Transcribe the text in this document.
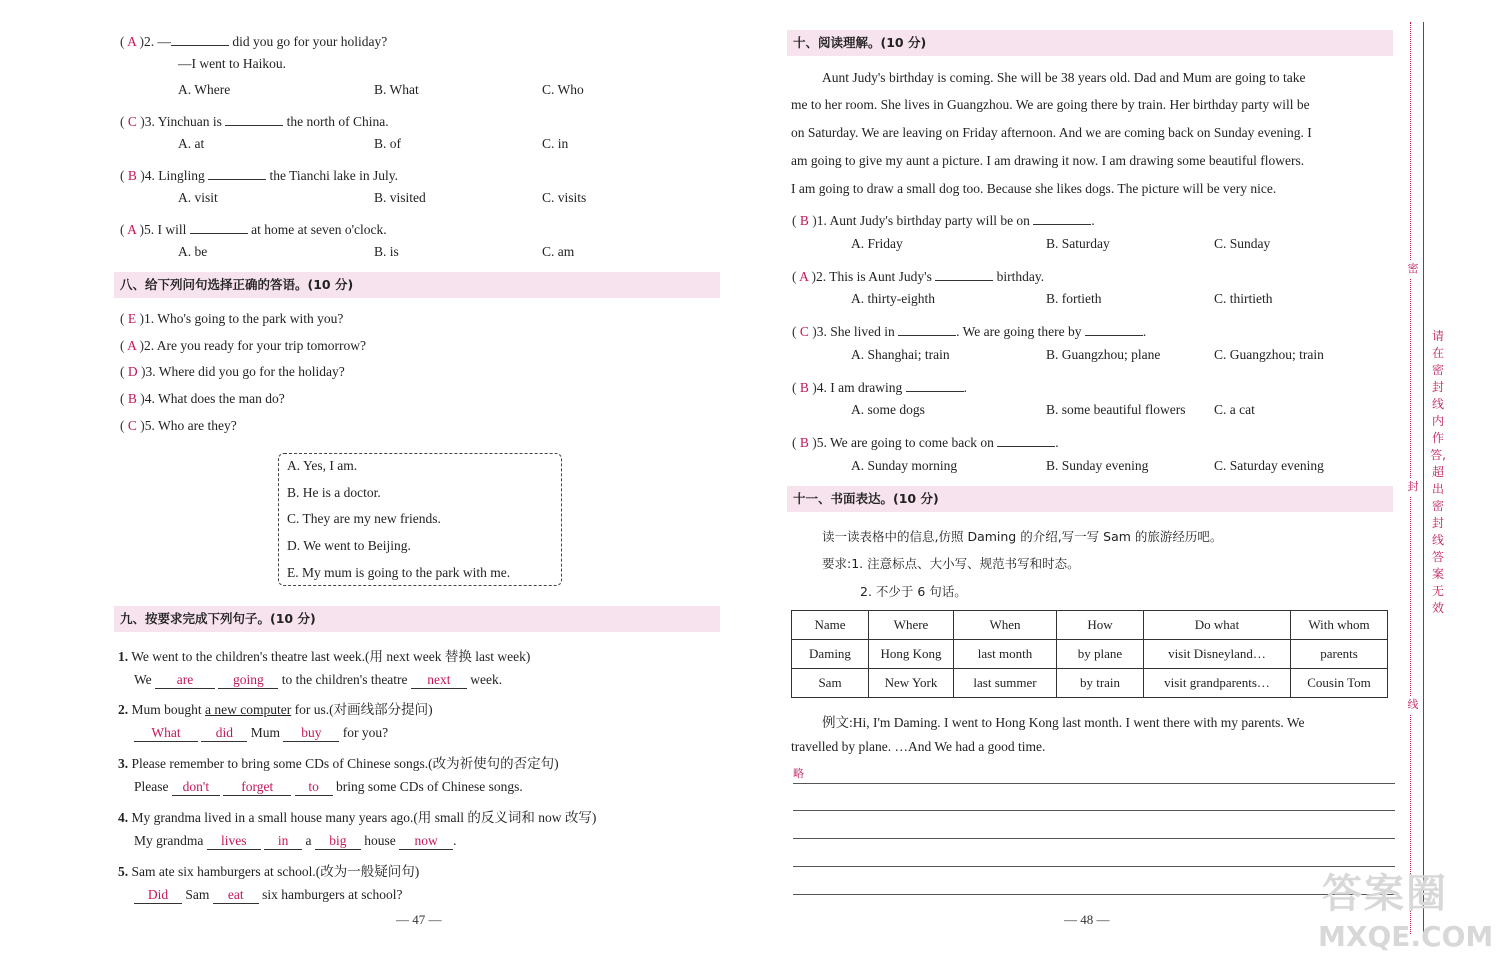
( A )2. —	did you go for your holiday?
—I went to Haikou.
A. Where	B. What	C. Who
( C )3. Yinchuan is	the north of China.
A. at	B. of	C. in
( B )4. Lingling	the Tianchi lake in July.
A. visit	B. visited	C. visits
( A )5. I will	at home at seven o'clock.
A. be	B. is	C. am
八、给下列问句选择正确的答语。(10 分)
( E )1. Who's going to the park with you?
( A )2. Are you ready for your trip tomorrow?
( D )3. Where did you go for the holiday?
( B )4. What does the man do?
( C )5. Who are they?
A. Yes, I am.
B. He is a doctor.
C. They are my new friends.
D. We went to Beijing.
E. My mum is going to the park with me.
九、按要求完成下列句子。(10 分)
1. We went to the children's theatre last week.(用 next week 替换 last week)
We are	going to the children's theatre next week.
2. Mum bought a new computer for us.(对画线部分提问)
What	did Mum buy for you?
3. Please remember to bring some CDs of Chinese songs.(改为祈使句的否定句)
Please don't forget	to bring some CDs of Chinese songs.
4. My grandma lived in a small house many years ago.(用 small 的反义词和 now 改写)
My grandma lives in a big house now .
5. Sam ate six hamburgers at school.(改为一般疑问句)
Did Sam eat six hamburgers at school?
— 47 —
十、阅读理解。(10 分)
Aunt Judy's birthday is coming. She will be 38 years old. Dad and Mum are going to take
me to her room. She lives in Guangzhou. We are going there by train. Her birthday party will be
on Saturday. We are leaving on Friday afternoon. And we are coming back on Sunday evening. I
am going to give my aunt a picture. I am drawing it now. I am drawing some beautiful flowers.
I am going to draw a small dog too. Because she likes dogs. The picture will be very nice.
( B )1. Aunt Judy's birthday party will be on	.
A. Friday	B. Saturday	C. Sunday
( A )2. This is Aunt Judy's	birthday.
A. thirty-eighth	B. fortieth	C. thirtieth
( C )3. She lived in	. We are going there by	.
A. Shanghai; train	B. Guangzhou; plane	C. Guangzhou; train
( B )4. I am drawing	.
A. some dogs	B. some beautiful flowers C. a cat
( B )5. We are going to come back on	.
A. Sunday morning	B. Sunday evening	C. Saturday evening
十一、书面表达。(10 分)
读一读表格中的信息,仿照 Daming 的介绍,写一写 Sam 的旅游经历吧。
要求:1. 注意标点、大小写、规范书写和时态。
2. 不少于 6 句话。
Name	Where	When	How	Do what	With whom
Daming	Hong Kong	last month	by plane	visit Disneyland…	parents
Sam	New York	last summer	by train	visit grandparents…	Cousin Tom
例文:Hi, I'm Daming. I went to Hong Kong last month. I went there with my parents. We
travelled by plane. …And We had a good time.
略
— 48 —
密
封
线
请在密封线内作答,超出密封线答案无效
答案圈
MXQE.COM
